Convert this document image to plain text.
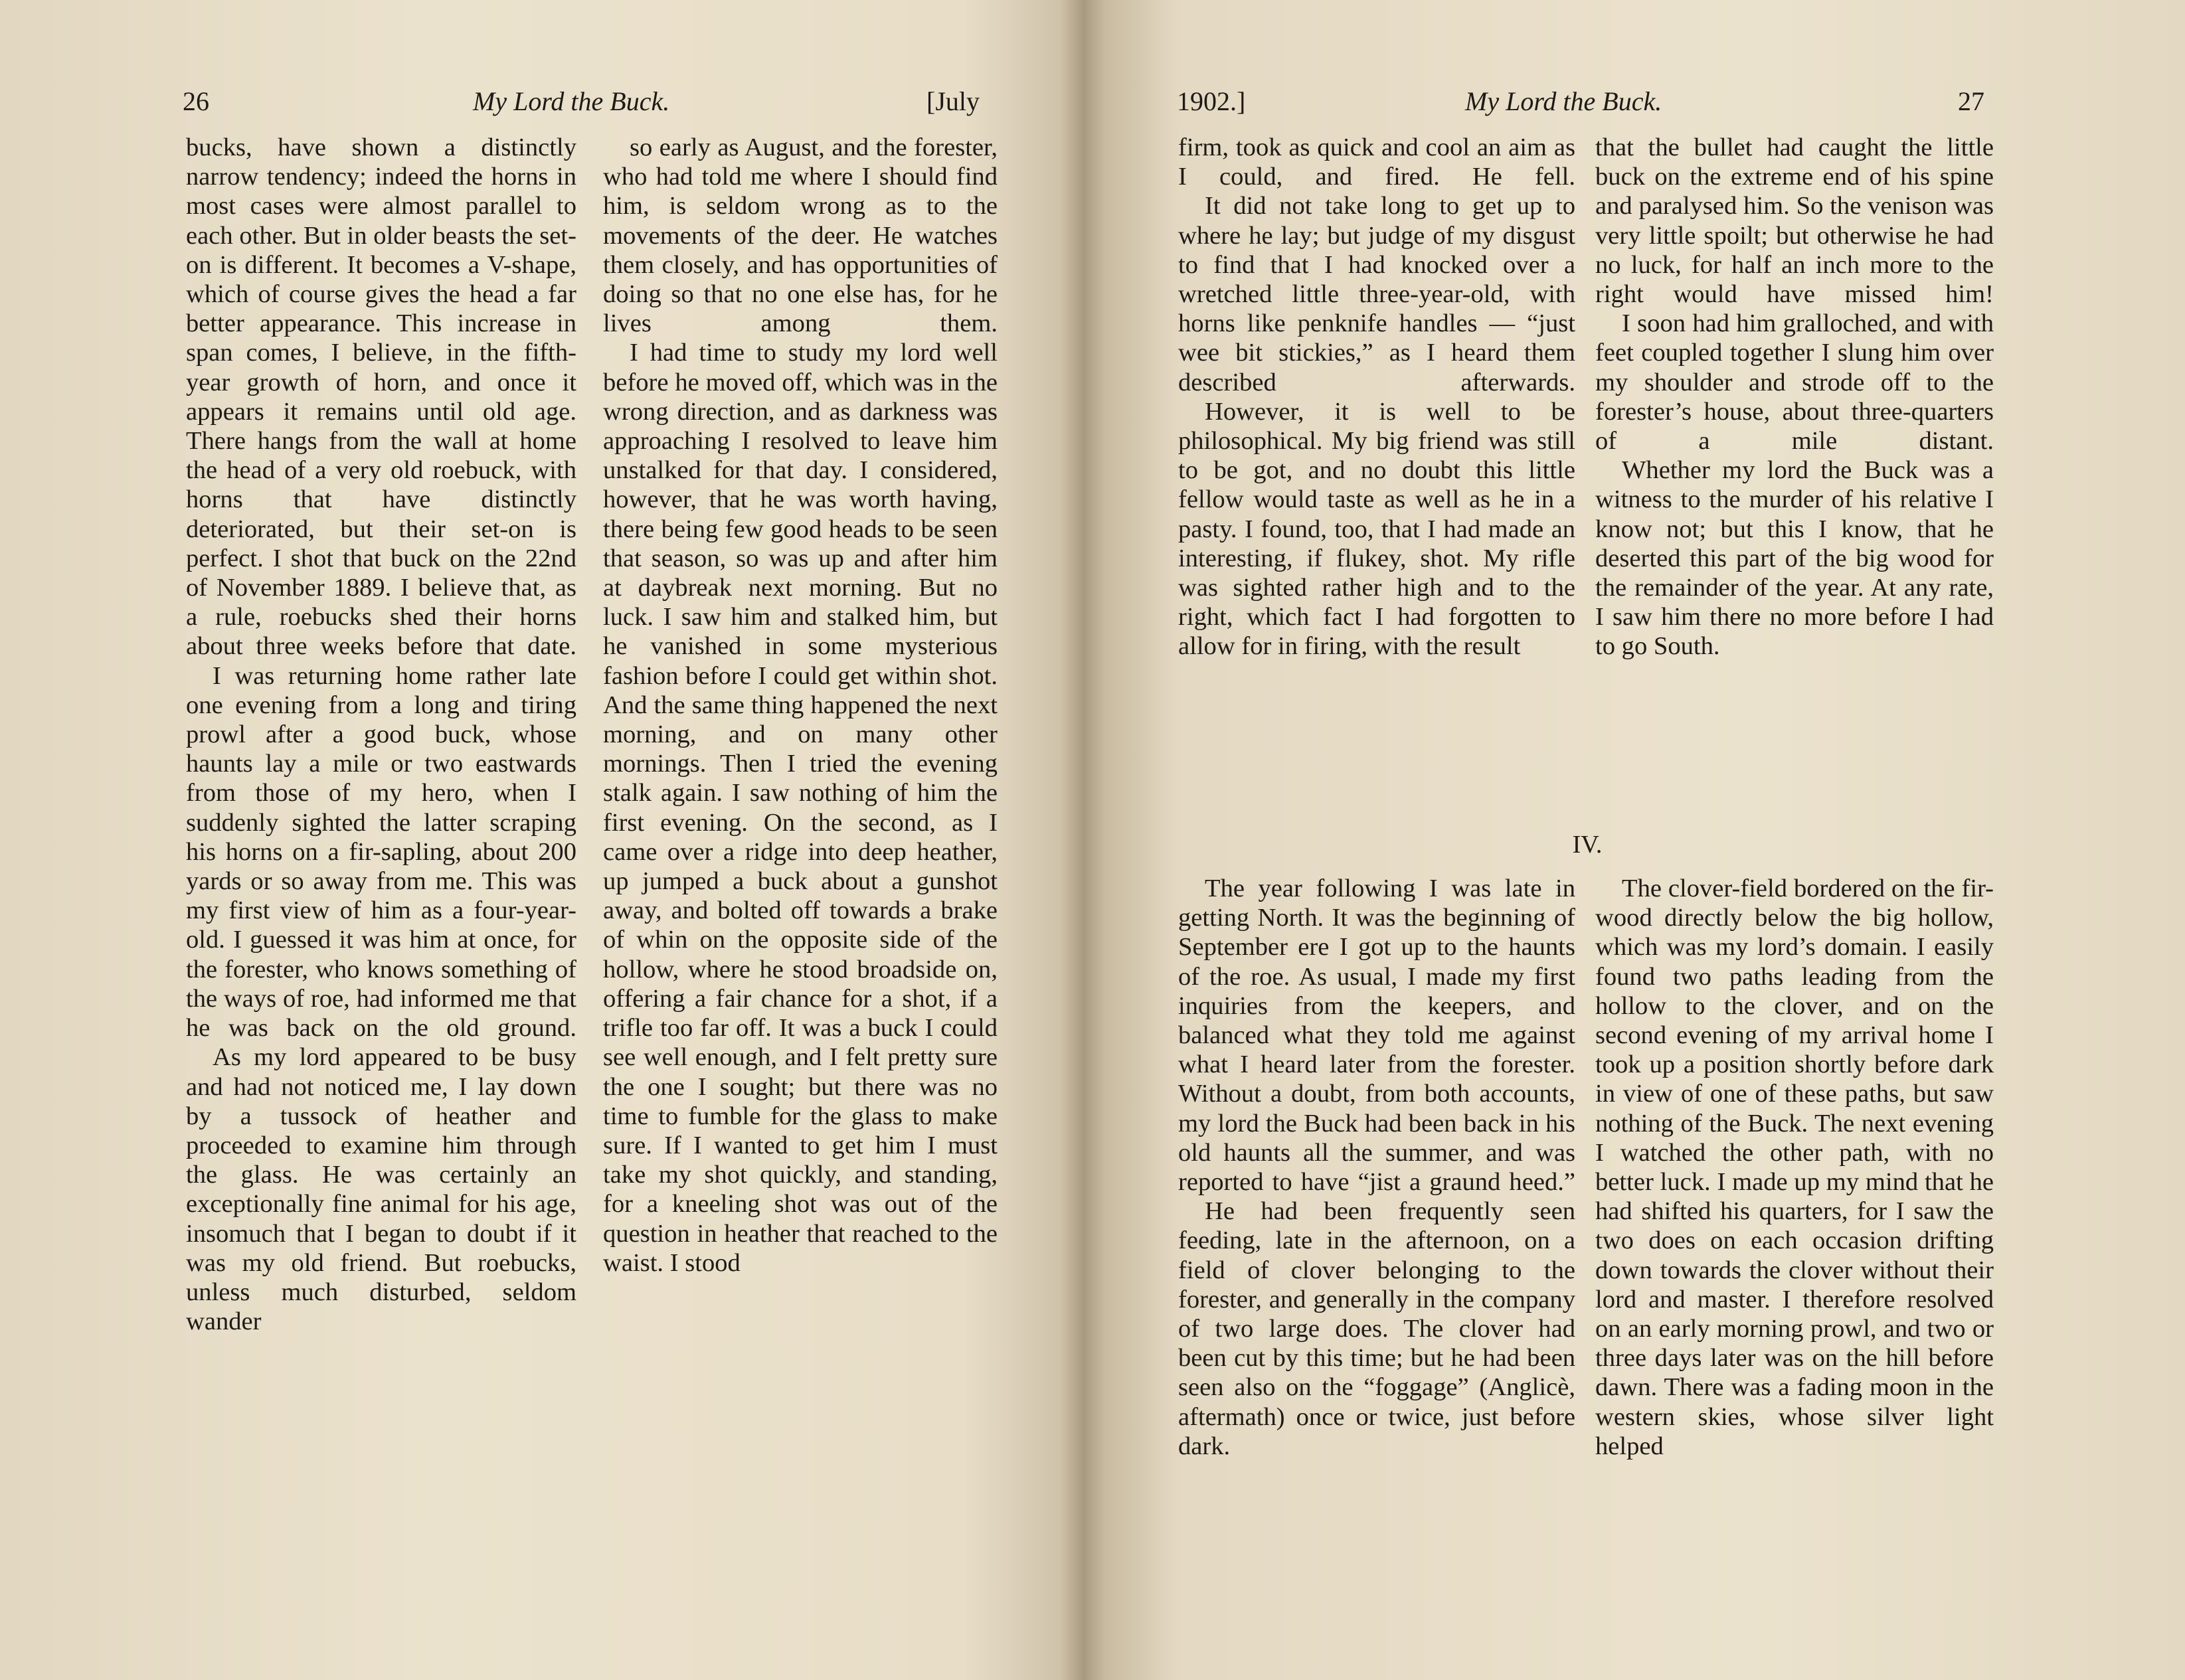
26	My Lord the Buck.	[July

bucks, have shown a distinctly narrow tendency; indeed the horns in most cases were almost parallel to each other. But in older beasts the set-on is different. It becomes a V-shape, which of course gives the head a far better appearance. This increase in span comes, I believe, in the fifth-year growth of horn, and once it appears it remains until old age. There hangs from the wall at home the head of a very old roebuck, with horns that have distinctly deteriorated, but their set-on is perfect. I shot that buck on the 22nd of November 1889. I believe that, as a rule, roebucks shed their horns about three weeks before that date.

I was returning home rather late one evening from a long and tiring prowl after a good buck, whose haunts lay a mile or two eastwards from those of my hero, when I suddenly sighted the latter scraping his horns on a fir-sapling, about 200 yards or so away from me. This was my first view of him as a four-year-old. I guessed it was him at once, for the forester, who knows something of the ways of roe, had informed me that he was back on the old ground.

As my lord appeared to be busy and had not noticed me, I lay down by a tussock of heather and proceeded to examine him through the glass. He was certainly an exceptionally fine animal for his age, insomuch that I began to doubt if it was my old friend. But roebucks, unless much disturbed, seldom wander

so early as August, and the forester, who had told me where I should find him, is seldom wrong as to the movements of the deer. He watches them closely, and has opportunities of doing so that no one else has, for he lives among them.

I had time to study my lord well before he moved off, which was in the wrong direction, and as darkness was approaching I resolved to leave him unstalked for that day. I considered, however, that he was worth having, there being few good heads to be seen that season, so was up and after him at daybreak next morning. But no luck. I saw him and stalked him, but he vanished in some mysterious fashion before I could get within shot. And the same thing happened the next morning, and on many other mornings. Then I tried the evening stalk again. I saw nothing of him the first evening. On the second, as I came over a ridge into deep heather, up jumped a buck about a gunshot away, and bolted off towards a brake of whin on the opposite side of the hollow, where he stood broadside on, offering a fair chance for a shot, if a trifle too far off. It was a buck I could see well enough, and I felt pretty sure the one I sought; but there was no time to fumble for the glass to make sure. If I wanted to get him I must take my shot quickly, and standing, for a kneeling shot was out of the question in heather that reached to the waist. I stood

1902.]	My Lord the Buck.	27

firm, took as quick and cool an aim as I could, and fired. He fell.

It did not take long to get up to where he lay; but judge of my disgust to find that I had knocked over a wretched little three-year-old, with horns like penknife handles — “just wee bit stickies,” as I heard them described afterwards.

However, it is well to be philosophical. My big friend was still to be got, and no doubt this little fellow would taste as well as he in a pasty. I found, too, that I had made an interesting, if flukey, shot. My rifle was sighted rather high and to the right, which fact I had forgotten to allow for in firing, with the result

that the bullet had caught the little buck on the extreme end of his spine and paralysed him. So the venison was very little spoilt; but otherwise he had no luck, for half an inch more to the right would have missed him!

I soon had him gralloched, and with feet coupled together I slung him over my shoulder and strode off to the forester’s house, about three-quarters of a mile distant.

Whether my lord the Buck was a witness to the murder of his relative I know not; but this I know, that he deserted this part of the big wood for the remainder of the year. At any rate, I saw him there no more before I had to go South.

The year following I was late in getting North. It was the beginning of September ere I got up to the haunts of the roe. As usual, I made my first inquiries from the keepers, and balanced what they told me against what I heard later from the forester. Without a doubt, from both accounts, my lord the Buck had been back in his old haunts all the summer, and was reported to have “jist a graund heed.”

He had been frequently seen feeding, late in the afternoon, on a field of clover belonging to the forester, and generally in the company of two large does. The clover had been cut by this time; but he had been seen also on the “foggage” (Anglicè, aftermath) once or twice, just before dark.

The clover-field bordered on the fir-wood directly below the big hollow, which was my lord’s domain. I easily found two paths leading from the hollow to the clover, and on the second evening of my arrival home I took up a position shortly before dark in view of one of these paths, but saw nothing of the Buck. The next evening I watched the other path, with no better luck. I made up my mind that he had shifted his quarters, for I saw the two does on each occasion drifting down towards the clover without their lord and master. I therefore resolved on an early morning prowl, and two or three days later was on the hill before dawn. There was a fading moon in the western skies, whose silver light helped

IV.
